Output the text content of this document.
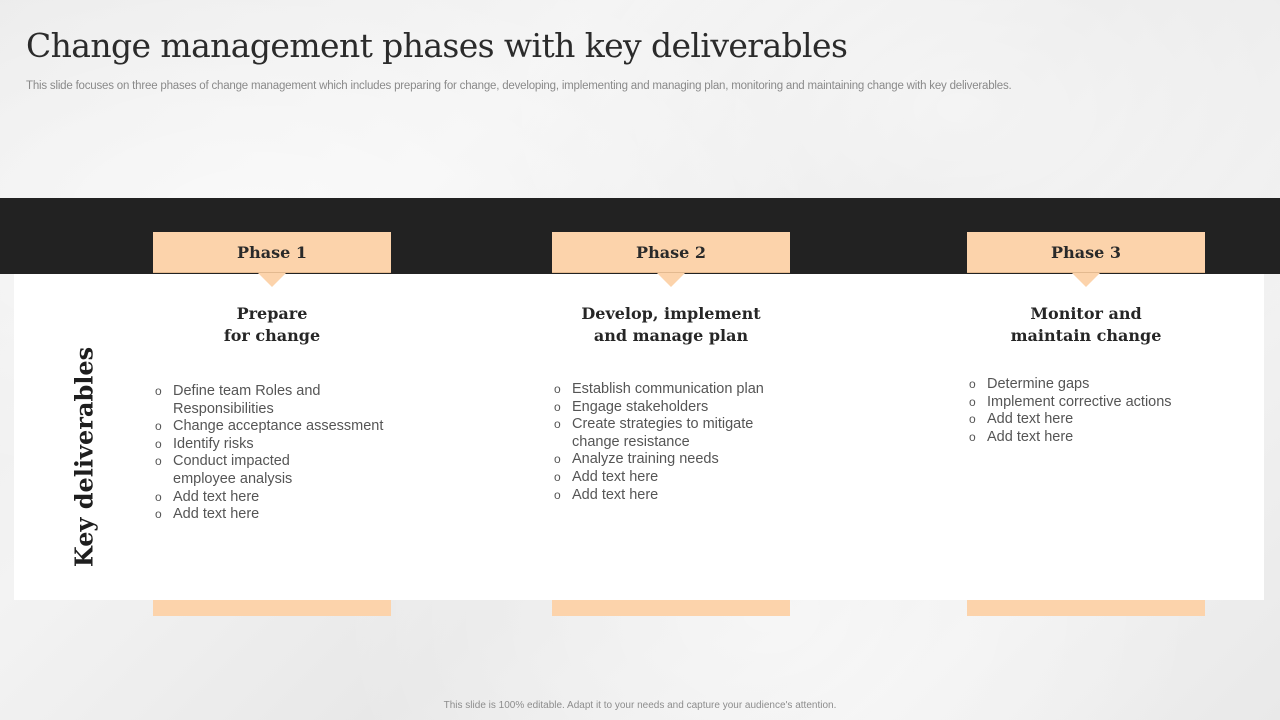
Change management phases with key deliverables

This slide focuses on three phases of change management which includes preparing for change, developing, implementing and managing plan, monitoring and maintaining change with key deliverables.

Key deliverables
Phase 1
Prepare
for change
o Define team Roles and Responsibilities
o Change acceptance assessment
o Identify risks
o Conduct impacted employee analysis
o Add text here
o Add text here
Phase 2
Develop, implement
and manage plan
o Establish communication plan
o Engage stakeholders
o Create strategies to mitigate change resistance
o Analyze training needs
o Add text here
o Add text here
Phase 3
Monitor and
maintain change
o Determine gaps
o Implement corrective actions
o Add text here
o Add text here
This slide is 100% editable. Adapt it to your needs and capture your audience's attention.
